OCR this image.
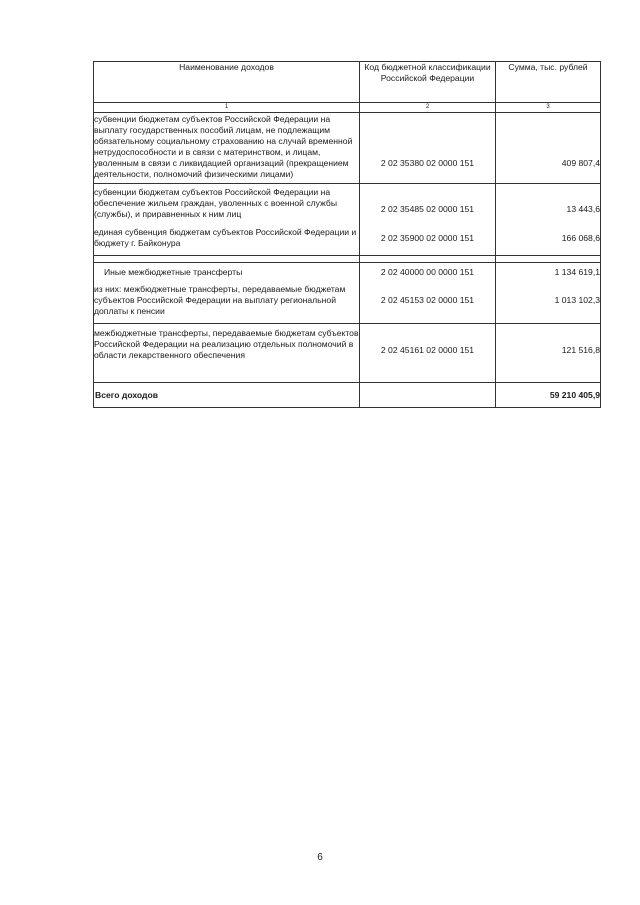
Наименование доходов	Код бюджетной классификации Российской Федерации	Сумма, тыс. рублей
1	2	3
субвенции бюджетам субъектов Российской Федерации на выплату государственных пособий лицам, не подлежащим обязательному социальному страхованию на случай временной нетрудоспособности и в связи с материнством, и лицам, уволенным в связи с ликвидацией организаций (прекращением деятельности, полномочий физическими лицами)	2 02 35380 02 0000 151	409 807,4
субвенции бюджетам субъектов Российской Федерации на обеспечение жильем граждан, уволенных с военной службы (службы), и приравненных к ним лиц	2 02 35485 02 0000 151	13 443,6
единая субвенция бюджетам субъектов Российской Федерации и бюджету г. Байконура	2 02 35900 02 0000 151	166 068,6

Иные межбюджетные трансферты	2 02 40000 00 0000 151	1 134 619,1
из них: межбюджетные трансферты, передаваемые бюджетам субъектов Российской Федерации на выплату региональной доплаты к пенсии	2 02 45153 02 0000 151	1 013 102,3
межбюджетные трансферты, передаваемые бюджетам субъектов Российской Федерации на реализацию отдельных полномочий в области лекарственного обеспечения	2 02 45161 02 0000 151	121 516,8
Всего доходов		59 210 405,9
6
